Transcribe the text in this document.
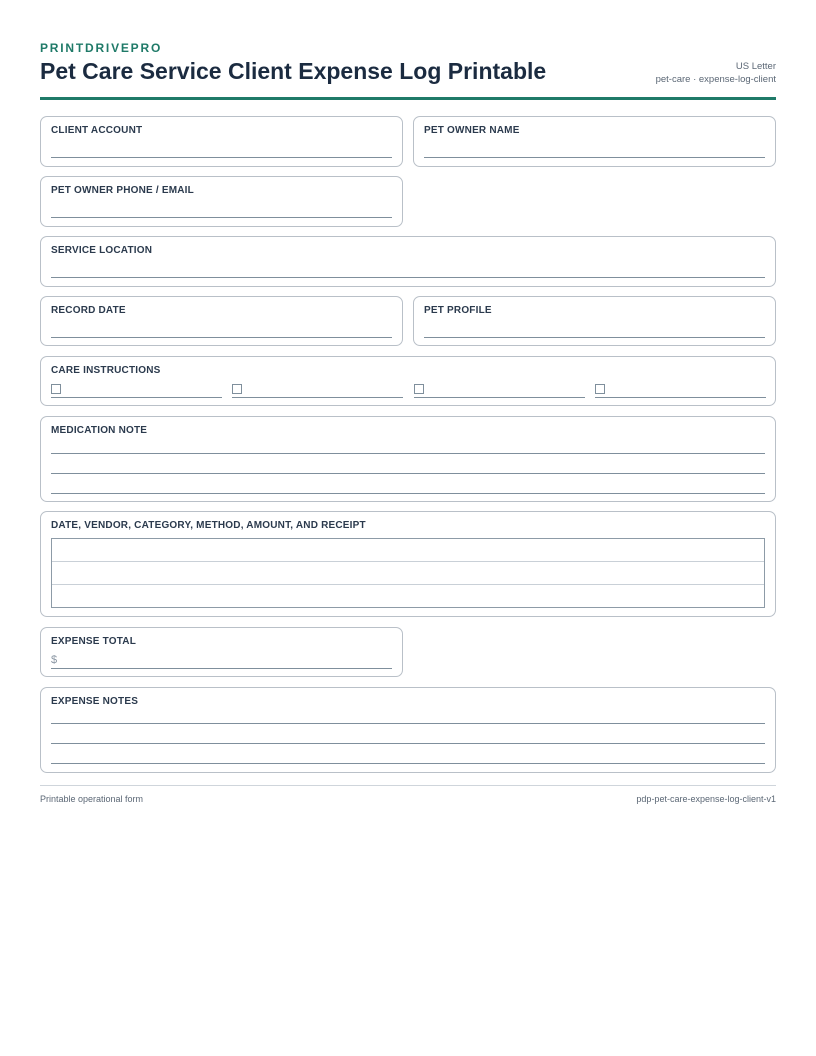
PRINTDRIVEPRO
Pet Care Service Client Expense Log Printable	US Letter
pet-care · expense-log-client
CLIENT ACCOUNT	PET OWNER NAME
PET OWNER PHONE / EMAIL
SERVICE LOCATION
RECORD DATE	PET PROFILE
CARE INSTRUCTIONS
MEDICATION NOTE
DATE, VENDOR, CATEGORY, METHOD, AMOUNT, AND RECEIPT
EXPENSE TOTAL
$
EXPENSE NOTES
Printable operational form	pdp-pet-care-expense-log-client-v1
